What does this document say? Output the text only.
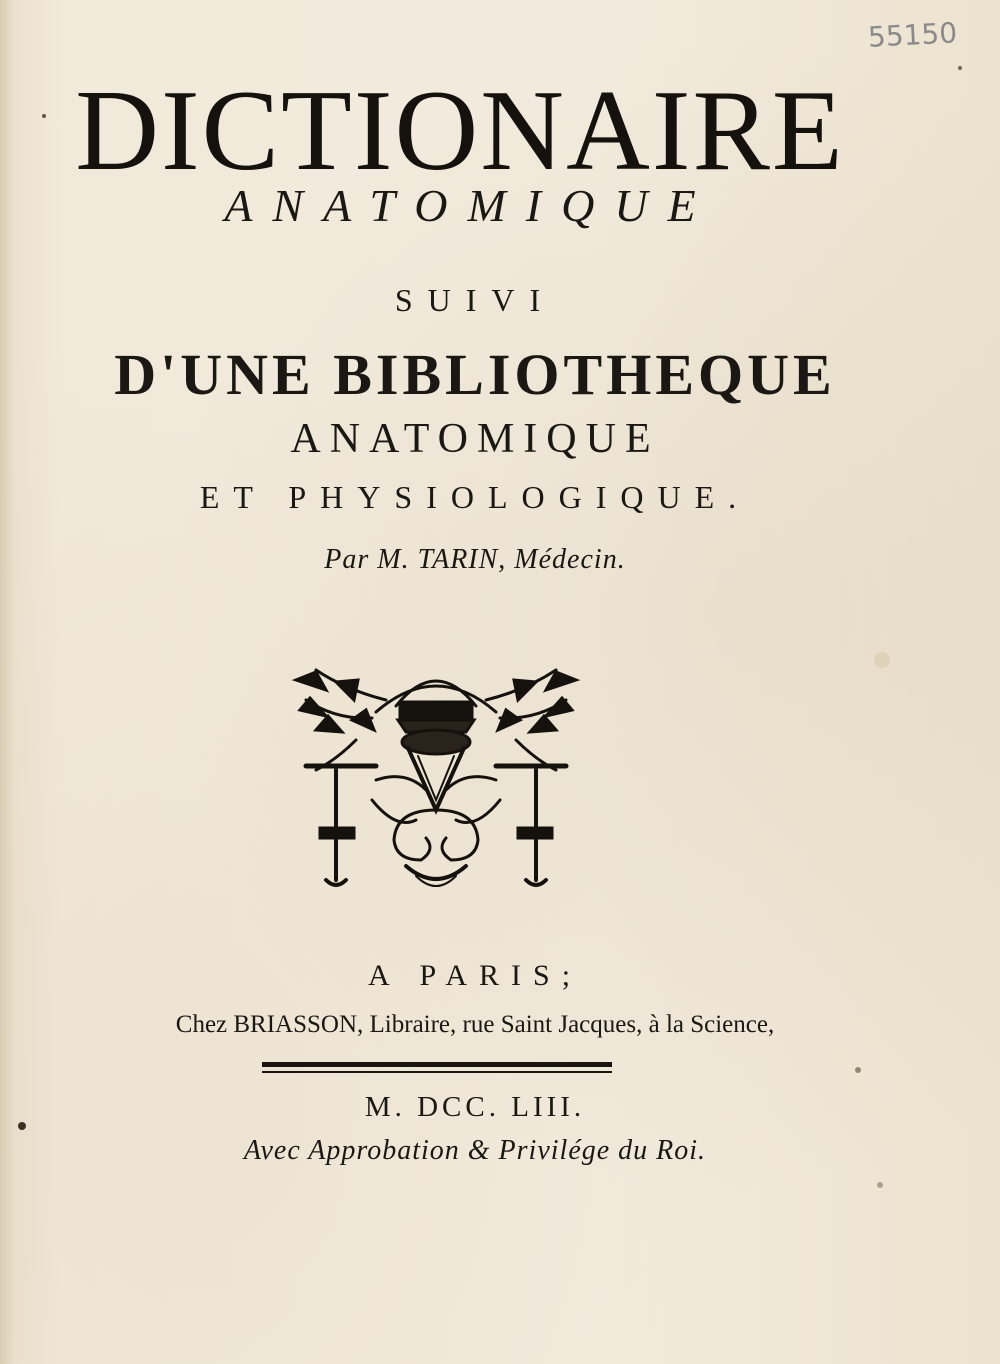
55150
DICTIONAIRE
ANATOMIQUE
SUIVI
D'UNE BIBLIOTHEQUE
ANATOMIQUE
ET PHYSIOLOGIQUE.
Par M. TARIN, Médecin.
A PARIS;
Chez BRIASSON, Libraire, rue Saint Jacques, à la Science,
M. DCC. LIII.
Avec Approbation & Privilége du Roi.
